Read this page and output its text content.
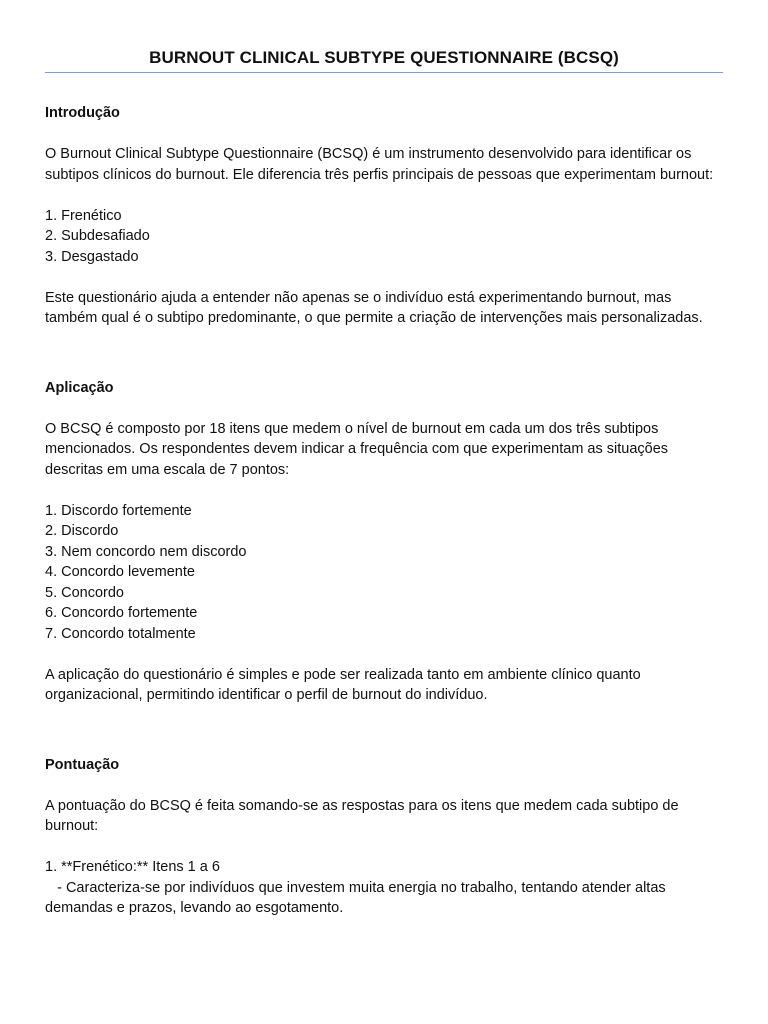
BURNOUT CLINICAL SUBTYPE QUESTIONNAIRE (BCSQ)
Introdução

O Burnout Clinical Subtype Questionnaire (BCSQ) é um instrumento desenvolvido para identificar os subtipos clínicos do burnout. Ele diferencia três perfis principais de pessoas que experimentam burnout:

1. Frenético

2. Subdesafiado

3. Desgastado

Este questionário ajuda a entender não apenas se o indivíduo está experimentando burnout, mas também qual é o subtipo predominante, o que permite a criação de intervenções mais personalizadas.

Aplicação

O BCSQ é composto por 18 itens que medem o nível de burnout em cada um dos três subtipos mencionados. Os respondentes devem indicar a frequência com que experimentam as situações descritas em uma escala de 7 pontos:

1. Discordo fortemente

2. Discordo

3. Nem concordo nem discordo

4. Concordo levemente

5. Concordo

6. Concordo fortemente

7. Concordo totalmente

A aplicação do questionário é simples e pode ser realizada tanto em ambiente clínico quanto organizacional, permitindo identificar o perfil de burnout do indivíduo.

Pontuação

A pontuação do BCSQ é feita somando-se as respostas para os itens que medem cada subtipo de burnout:

1. **Frenético:** Itens 1 a 6

- Caracteriza-se por indivíduos que investem muita energia no trabalho, tentando atender altas demandas e prazos, levando ao esgotamento.
